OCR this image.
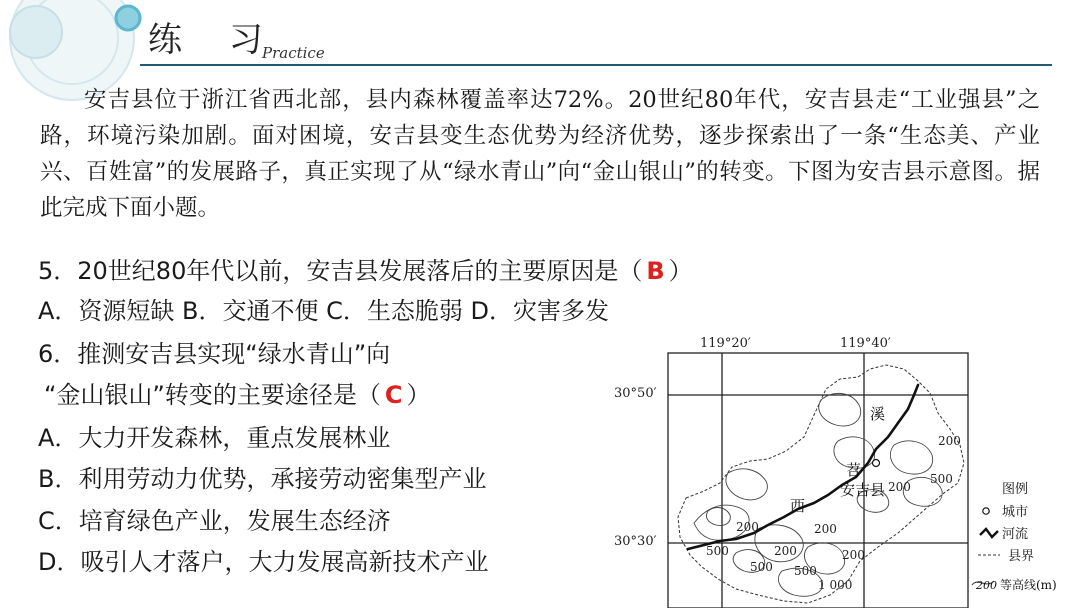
练 习
Practice
安吉县位于浙江省西北部，县内森林覆盖率达72%。20世纪80年代，安吉县走“工业强县”之路，环境污染加剧。面对困境，安吉县变生态优势为经济优势，逐步探索出了一条“生态美、产业兴、百姓富”的发展路子，真正实现了从“绿水青山”向“金山银山”的转变。下图为安吉县示意图。据此完成下面小题。
5．20世纪80年代以前，安吉县发展落后的主要原因是（ B ）
A．资源短缺 B．交通不便 C．生态脆弱 D．灾害多发
6．推测安吉县实现“绿水青山”向
“金山银山”转变的主要途径是（ C ）
A．大力开发森林，重点发展林业
B．利用劳动力优势，承接劳动密集型产业
C．培育绿色产业，发展生态经济
D．吸引人才落户，大力发展高新技术产业
119°20′	119°40′
30°50′
30°30′
溪
苕
西
安吉县
200
500
200
200
200
200
500
500
200
500
1 000
图例
城市
河流
县界
200 等高线(m)
